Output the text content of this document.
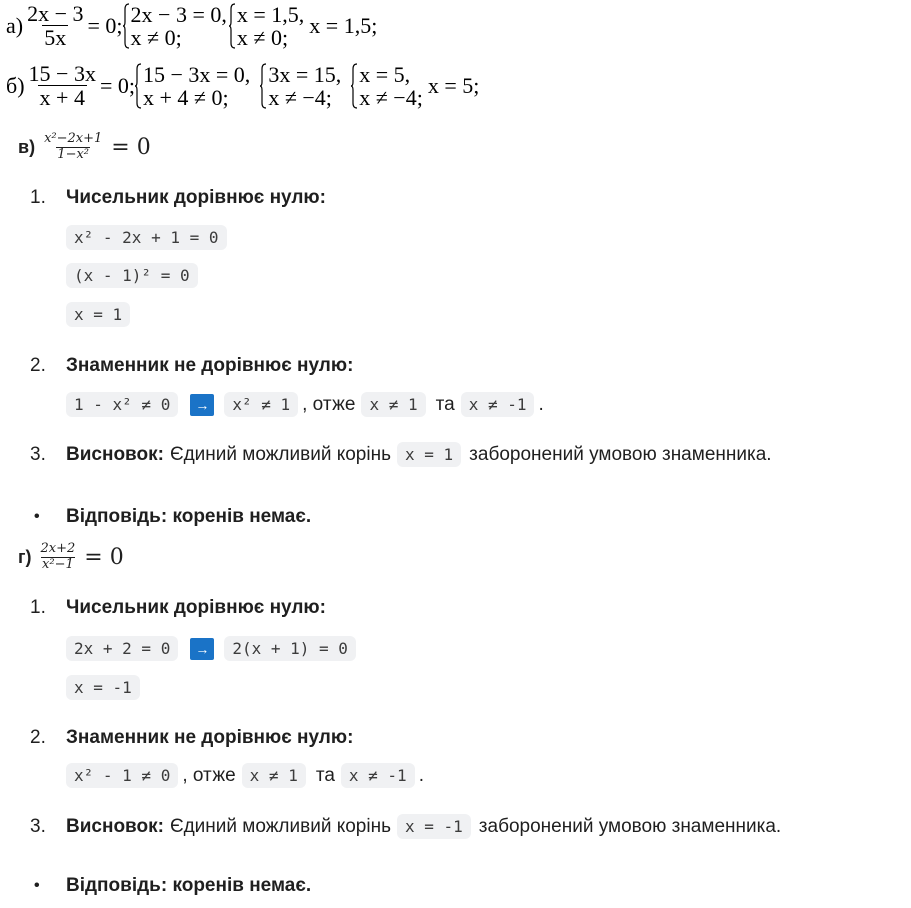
$а) \frac{2x - 3}{5x} = 0$; 2x − 3 = 0,
x ≠ 0;
x = 1,5,
x ≠ 0; x = 1,5;
$б) \frac{15 - 3x}{x + 4} = 0$; 15 − 3x = 0,
x + 4 ≠ 0;
3x = 15,
x ≠ −4;
x = 5,
x ≠ −4; x = 5;
$в) \frac{\text{x²−2x+1}}{\text{1−x²}} = 0$
1.	Чисельник дорівнює нулю:
x² - 2x + 1 = 0
(x - 1)² = 0
x = 1
2.	Знаменник не дорівнює нулю:
1 - x² ≠ 0	→	x² ≠ 1 , отже x ≠ 1 та x ≠ -1 .
3.	Висновок: Єдиний можливий корінь x = 1 заборонений умовою знаменника.
•	Відповідь: коренів немає.
$г) \frac{2x+2}{\text{x²−1}} = 0$
1.	Чисельник дорівнює нулю:
2x + 2 = 0	→	2(x + 1) = 0
x = -1
2.	Знаменник не дорівнює нулю:
x² - 1 ≠ 0 , отже x ≠ 1 та x ≠ -1 .
3.	Висновок: Єдиний можливий корінь x = -1 заборонений умовою знаменника.
•	Відповідь: коренів немає.
